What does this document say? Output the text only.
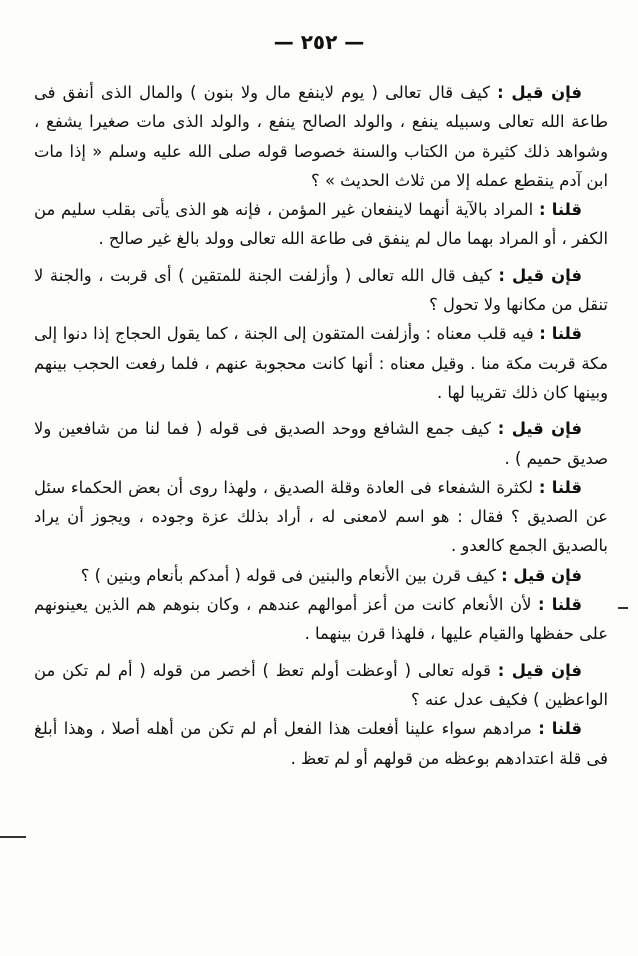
— ٢٥٢ —

فإن قيل : كيف قال تعالى ( يوم لاينفع مال ولا بنون ) والمال الذى أنفق فى طاعة الله تعالى وسبيله ينفع ، والولد الصالح ينفع ، والولد الذى مات صغيرا يشفع ، وشواهد ذلك كثيرة من الكتاب والسنة خصوصا قوله صلى الله عليه وسلم « إذا مات ابن آدم ينقطع عمله إلا من ثلاث الحديث » ؟

قلنا : المراد بالآية أنهما لاينفعان غير المؤمن ، فإنه هو الذى يأتى بقلب سليم من الكفر ، أو المراد بهما مال لم ينفق فى طاعة الله تعالى وولد بالغ غير صالح .

فإن قيل : كيف قال الله تعالى ( وأزلفت الجنة للمتقين ) أى قربت ، والجنة لا تنقل من مكانها ولا تحول ؟

قلنا : فيه قلب معناه : وأزلفت المتقون إلى الجنة ، كما يقول الحجاج إذا دنوا إلى مكة قربت مكة منا . وقيل معناه : أنها كانت محجوبة عنهم ، فلما رفعت الحجب بينهم وبينها كان ذلك تقريبا لها .

فإن قيل : كيف جمع الشافع ووحد الصديق فى قوله ( فما لنا من شافعين ولا صديق حميم ) .

قلنا : لكثرة الشفعاء فى العادة وقلة الصديق ، ولهذا روى أن بعض الحكماء سئل عن الصديق ؟ فقال : هو اسم لامعنى له ، أراد بذلك عزة وجوده ، ويجوز أن يراد بالصديق الجمع كالعدو .

فإن قيل : كيف قرن بين الأنعام والبنين فى قوله ( أمدكم بأنعام وبنين ) ؟

قلنا : لأن الأنعام كانت من أعز أموالهم عندهم ، وكان بنوهم هم الذين يعينونهم على حفظها والقيام عليها ، فلهذا قرن بينهما .

فإن قيل : قوله تعالى ( أوعظت أولم تعظ ) أخصر من قوله ( أم لم تكن من الواعظين ) فكيف عدل عنه ؟

قلنا : مرادهم سواء علينا أفعلت هذا الفعل أم لم تكن من أهله أصلا ، وهذا أبلغ فى قلة اعتدادهم بوعظه من قولهم أو لم تعظ .
